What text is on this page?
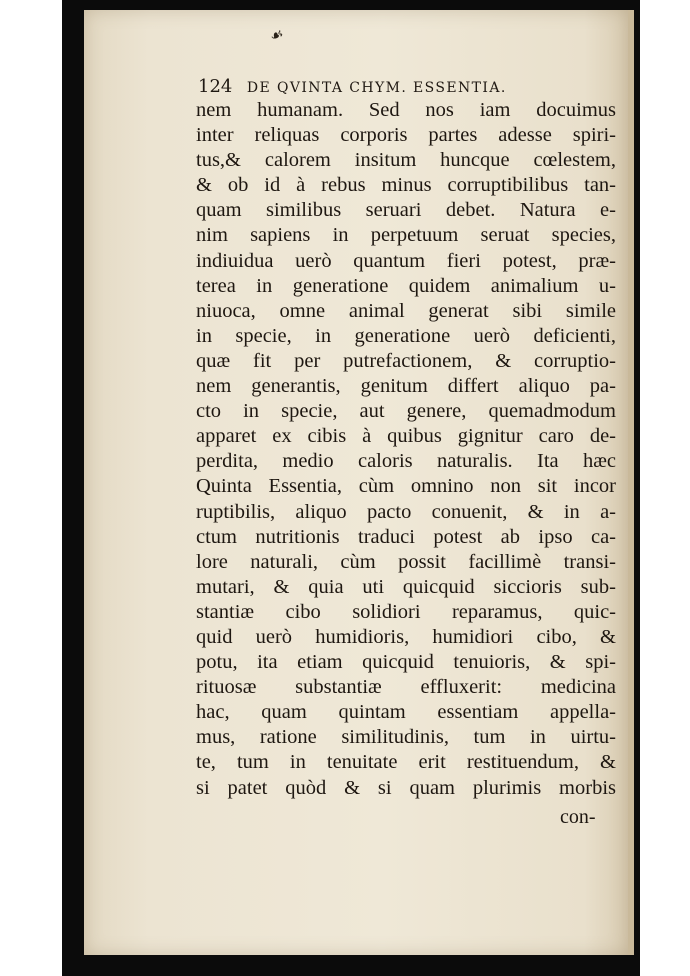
☙
124 DE QVINTA CHYM. ESSENTIA.
nem humanam. Sed nos iam docuimus
inter reliquas corporis partes adesse spiri-
tus,& calorem insitum huncque cœlestem,
& ob id à rebus minus corruptibilibus tan-
quam similibus seruari debet. Natura e-
nim sapiens in perpetuum seruat species,
indiuidua uerò quantum fieri potest, præ-
terea in generatione quidem animalium u-
niuoca, omne animal generat sibi simile
in specie, in generatione uerò deficienti,
quæ fit per putrefactionem, & corruptio-
nem generantis, genitum differt aliquo pa-
cto in specie, aut genere, quemadmodum
apparet ex cibis à quibus gignitur caro de-
perdita, medio caloris naturalis. Ita hæc
Quinta Essentia, cùm omnino non sit incor
ruptibilis, aliquo pacto conuenit, & in a-
ctum nutritionis traduci potest ab ipso ca-
lore naturali, cùm possit facillimè transi-
mutari, & quia uti quicquid siccioris sub-
stantiæ cibo solidiori reparamus, quic-
quid uerò humidioris, humidiori cibo, &
potu, ita etiam quicquid tenuioris, & spi-
rituosæ substantiæ effluxerit: medicina
hac, quam quintam essentiam appella-
mus, ratione similitudinis, tum in uirtu-
te, tum in tenuitate erit restituendum, &
si patet quòd & si quam plurimis morbis
con-
